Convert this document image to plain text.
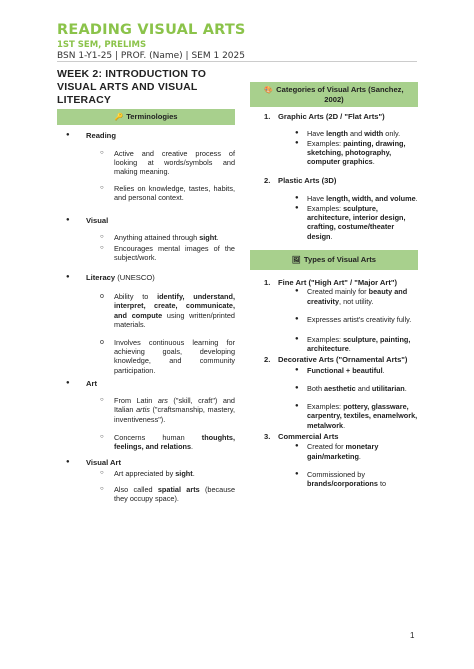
READING VISUAL ARTS
1ST SEM, PRELIMS
BSN 1-Y1-25 | PROF. (Name) | SEM 1 2025
WEEK 2: INTRODUCTION TO VISUAL ARTS AND VISUAL LITERACY
🔑 Terminologies
● Reading
○ Active and creative process of looking at words/symbols and making meaning.
○ Relies on knowledge, tastes, habits, and personal context.
● Visual
○ Anything attained through sight.
○ Encourages mental images of the subject/work.
● Literacy (UNESCO)
o Ability to identify, understand, interpret, create, communicate, and compute using written/printed materials.
o Involves continuous learning for achieving goals, developing knowledge, and community participation.
● Art
○ From Latin ars ("skill, craft") and Italian artis ("craftsmanship, mastery, inventiveness").
○ Concerns human thoughts, feelings, and relations.
● Visual Art
○ Art appreciated by sight.
○ Also called spatial arts (because they occupy space).
🎨 Categories of Visual Arts (Sanchez, 2002)
1. Graphic Arts (2D / "Flat Arts")
● Have length and width only.
● Examples: painting, drawing, sketching, photography, computer graphics.
2. Plastic Arts (3D)
● Have length, width, and volume.
● Examples: sculpture, architecture, interior design, crafting, costume/theater design.
🖼 Types of Visual Arts
1. Fine Art ("High Art" / "Major Art")
● Created mainly for beauty and creativity, not utility.
● Expresses artist's creativity fully.
● Examples: sculpture, painting, architecture.
2. Decorative Arts ("Ornamental Arts")
● Functional + beautiful.
● Both aesthetic and utilitarian.
● Examples: pottery, glassware, carpentry, textiles, enamelwork, metalwork.
3. Commercial Arts
● Created for monetary gain/marketing.
● Commissioned by brands/corporations to
1
